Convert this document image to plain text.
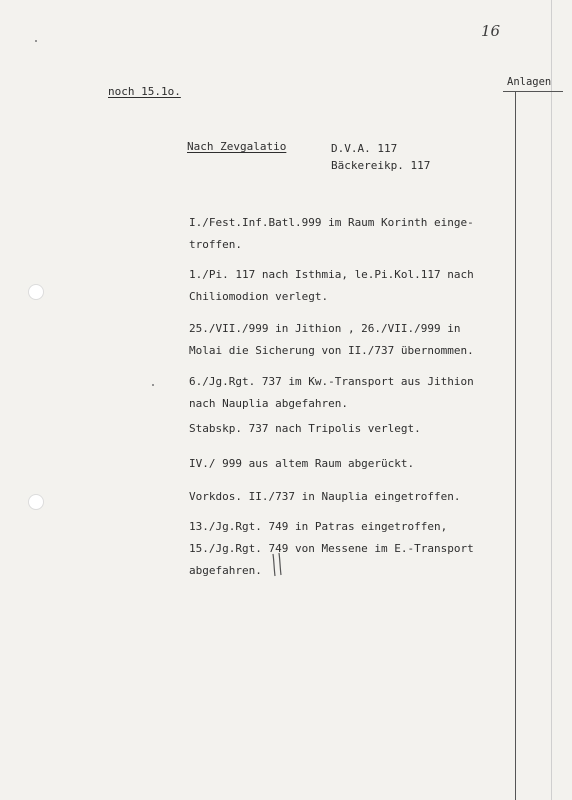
16
Anlagen
noch 15.1o.
Nach Zevgalatio	D.V.A. 117
Bäckereikp. 117
I./Fest.Inf.Batl.999 im Raum Korinth einge-
troffen.
1./Pi. 117 nach Isthmia, le.Pi.Kol.117 nach
Chiliomodion verlegt.
25./VII./999 in Jithion , 26./VII./999 in
Molai die Sicherung von II./737 übernommen.
6./Jg.Rgt. 737 im Kw.-Transport aus Jithion
nach Nauplia abgefahren.
Stabskp. 737 nach Tripolis verlegt.
IV./ 999 aus altem Raum abgerückt.
Vorkdos. II./737 in Nauplia eingetroffen.
13./Jg.Rgt. 749 in Patras eingetroffen,
15./Jg.Rgt. 749 von Messene im E.-Transport
abgefahren.
